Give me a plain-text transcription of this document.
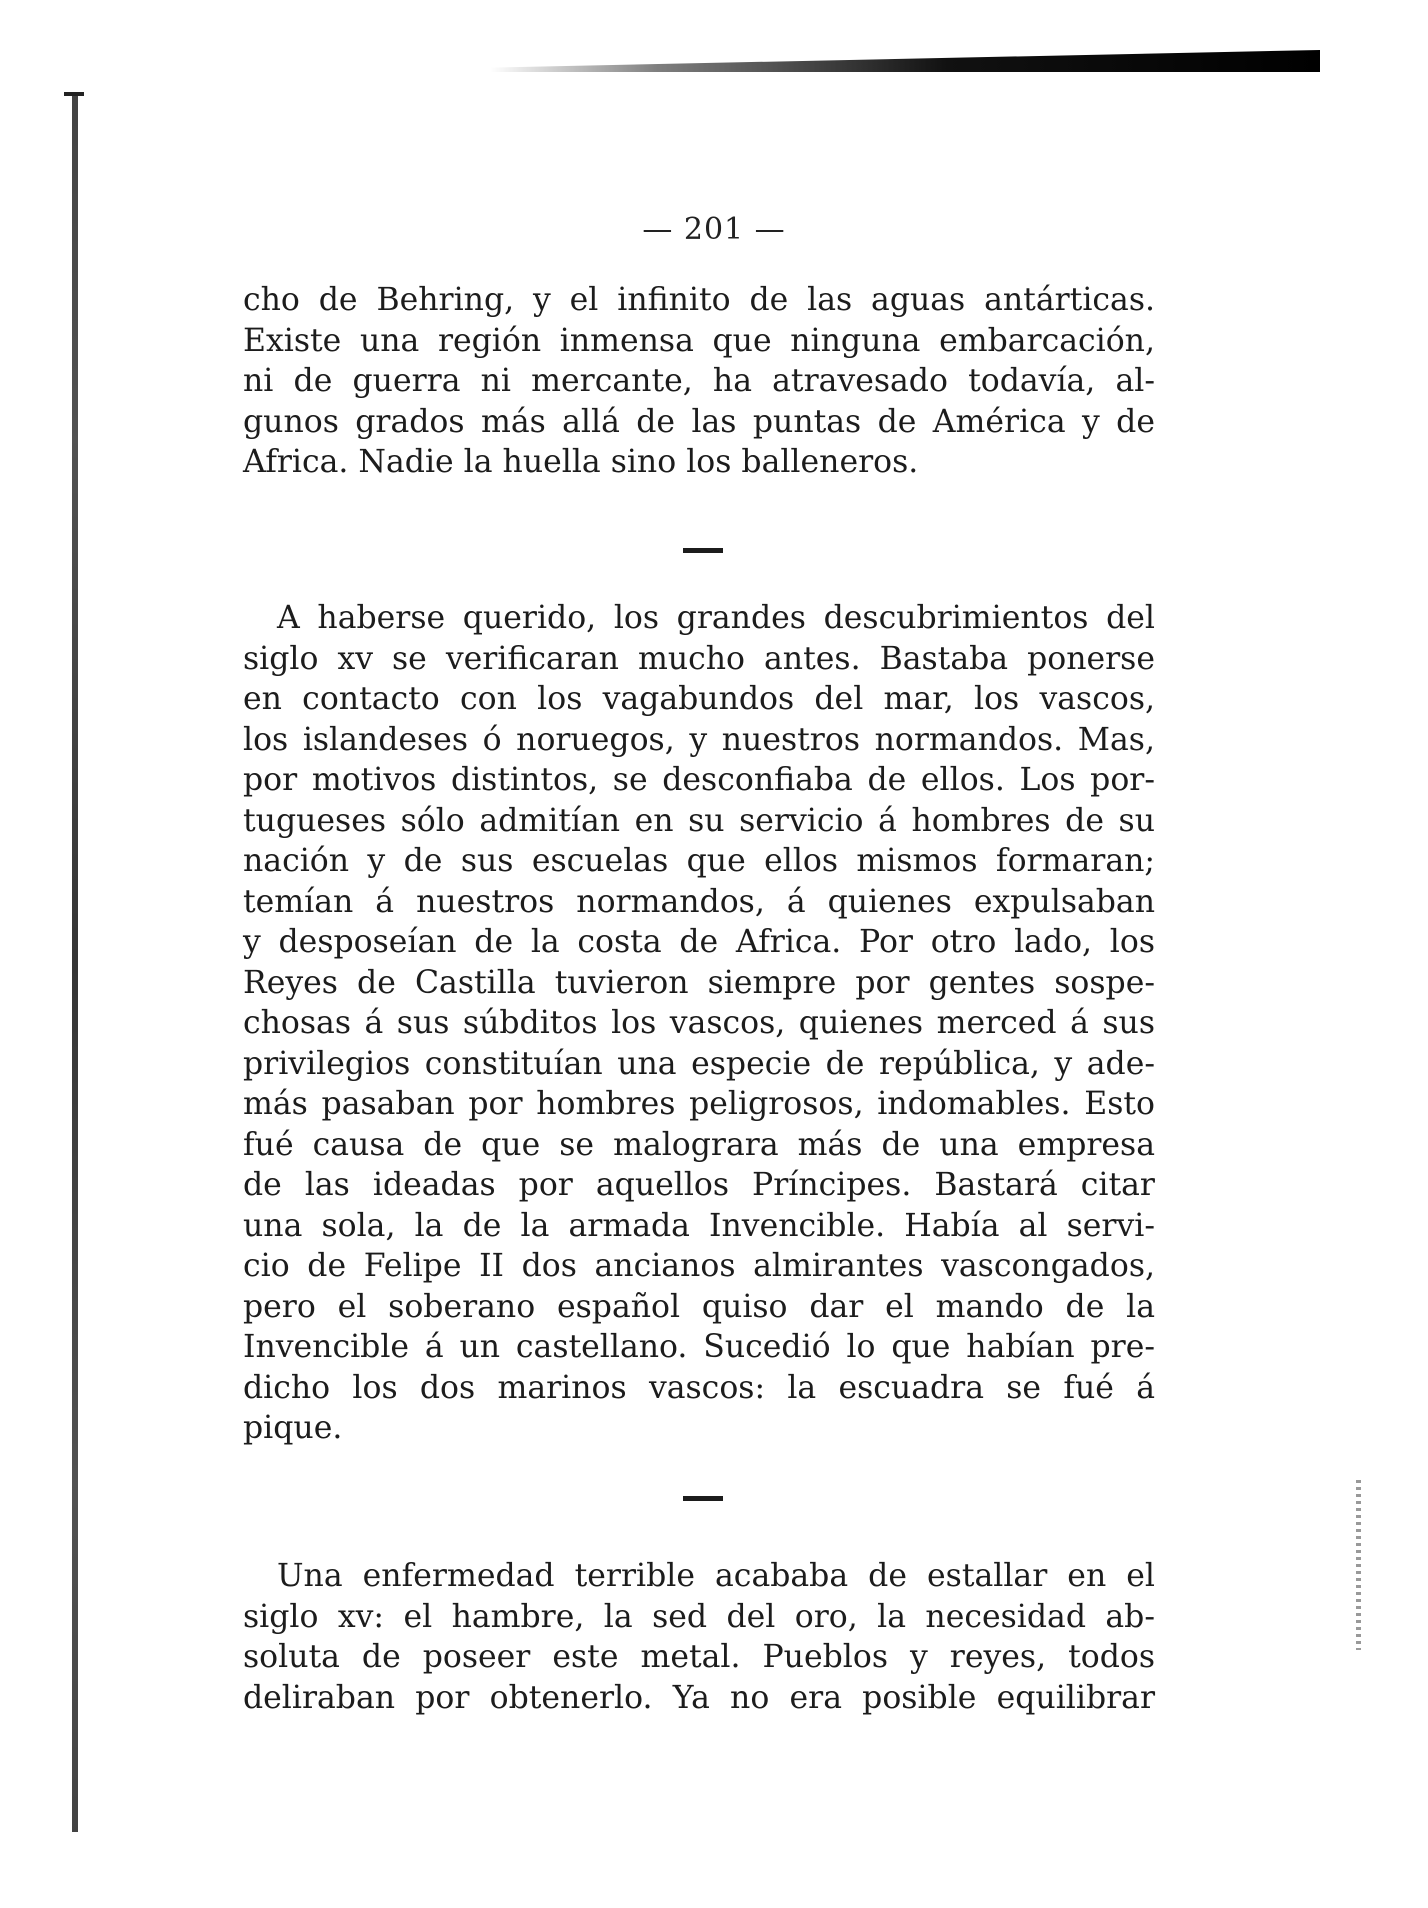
— 201 —
cho de Behring, y el infinito de las aguas antárticas.
Existe una región inmensa que ninguna embarcación,
ni de guerra ni mercante, ha atravesado todavía, al-
gunos grados más allá de las puntas de América y de
Africa. Nadie la huella sino los balleneros.
A haberse querido, los grandes descubrimientos del
siglo xv se verificaran mucho antes. Bastaba ponerse
en contacto con los vagabundos del mar, los vascos,
los islandeses ó noruegos, y nuestros normandos. Mas,
por motivos distintos, se desconfiaba de ellos. Los por-
tugueses sólo admitían en su servicio á hombres de su
nación y de sus escuelas que ellos mismos formaran;
temían á nuestros normandos, á quienes expulsaban
y desposeían de la costa de Africa. Por otro lado, los
Reyes de Castilla tuvieron siempre por gentes sospe-
chosas á sus súbditos los vascos, quienes merced á sus
privilegios constituían una especie de república, y ade-
más pasaban por hombres peligrosos, indomables. Esto
fué causa de que se malograra más de una empresa
de las ideadas por aquellos Príncipes. Bastará citar
una sola, la de la armada Invencible. Había al servi-
cio de Felipe II dos ancianos almirantes vascongados,
pero el soberano español quiso dar el mando de la
Invencible á un castellano. Sucedió lo que habían pre-
dicho los dos marinos vascos: la escuadra se fué á
pique.
Una enfermedad terrible acababa de estallar en el
siglo xv: el hambre, la sed del oro, la necesidad ab-
soluta de poseer este metal. Pueblos y reyes, todos
deliraban por obtenerlo. Ya no era posible equilibrar
